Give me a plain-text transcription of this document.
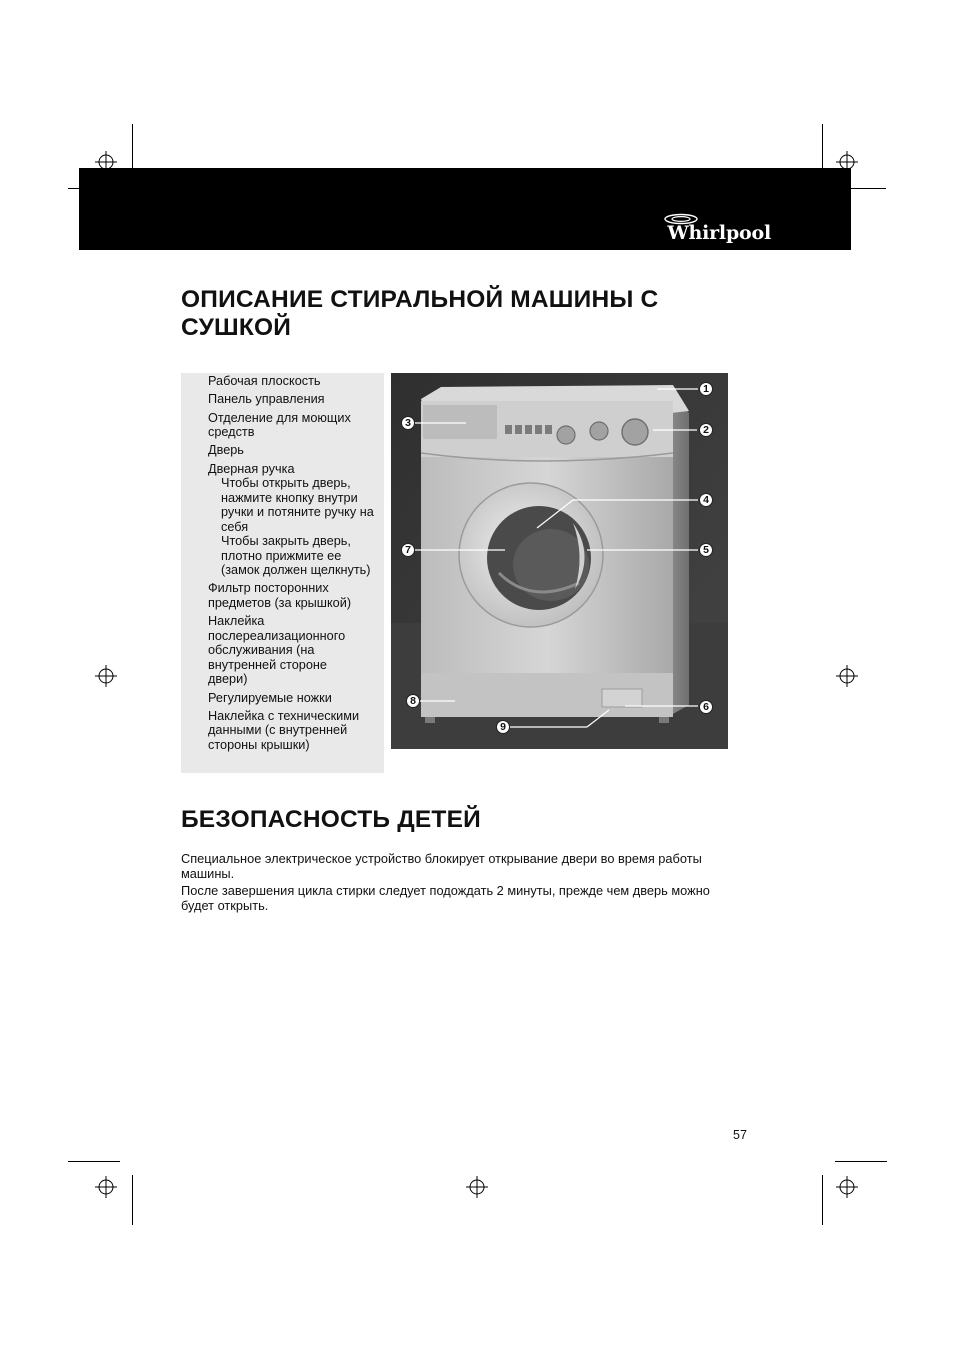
Whirlpool
ОПИСАНИЕ СТИРАЛЬНОЙ МАШИНЫ С
СУШКОЙ
Рабочая плоскость
Панель управления
Отделение для моющих средств
Дверь
Дверная ручка
Чтобы открыть дверь, нажмите кнопку внутри ручки и потяните ручку на себя
Чтобы закрыть дверь, плотно прижмите ее (замок должен щелкнуть)
Фильтр посторонних предметов (за крышкой)
Наклейка послереализационного обслуживания (на внутренней стороне двери)
Регулируемые ножки
Наклейка с техническими данными (с внутренней стороны крышки)
1
2
3
4
5
6
7
8
9
БЕЗОПАСНОСТЬ ДЕТЕЙ

Специальное электрическое устройство блокирует открывание двери во время работы машины.

После завершения цикла стирки следует подождать 2 минуты, прежде чем дверь можно будет открыть.

57
